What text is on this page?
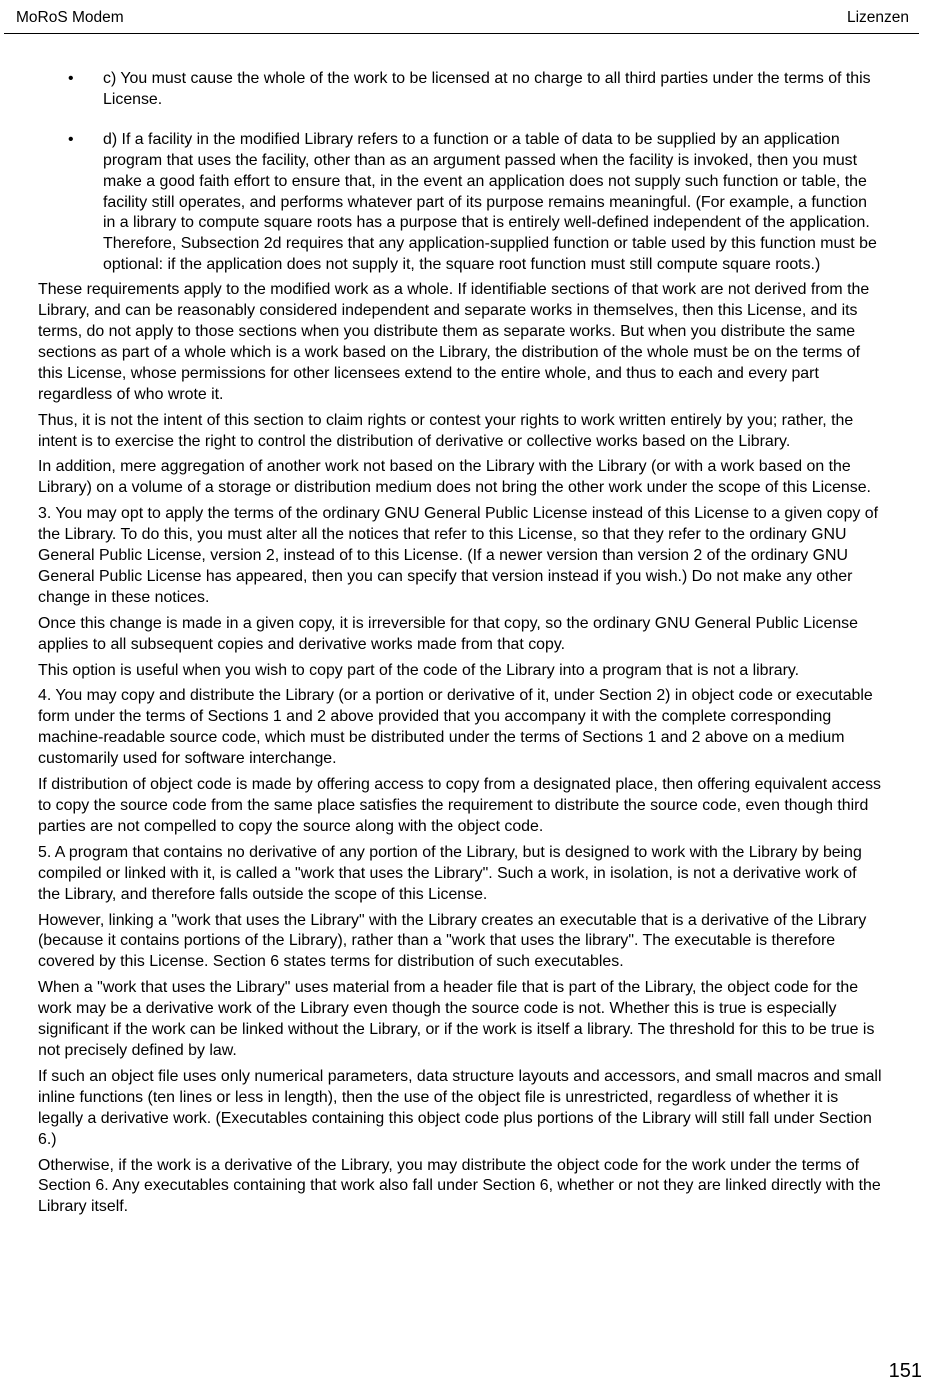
MoRoS Modem	Lizenzen
• c) You must cause the whole of the work to be licensed at no charge to all third parties under the terms of this License.
• d) If a facility in the modified Library refers to a function or a table of data to be supplied by an application program that uses the facility, other than as an argument passed when the facility is invoked, then you must make a good faith effort to ensure that, in the event an application does not supply such function or table, the facility still operates, and performs whatever part of its purpose remains meaningful. (For example, a function in a library to compute square roots has a purpose that is entirely well-defined independent of the application. Therefore, Subsection 2d requires that any application-supplied function or table used by this function must be optional: if the application does not supply it, the square root function must still compute square roots.)

These requirements apply to the modified work as a whole. If identifiable sections of that work are not derived from the Library, and can be reasonably considered independent and separate works in themselves, then this License, and its terms, do not apply to those sections when you distribute them as separate works. But when you distribute the same sections as part of a whole which is a work based on the Library, the distribution of the whole must be on the terms of this License, whose permissions for other licensees extend to the entire whole, and thus to each and every part regardless of who wrote it.

Thus, it is not the intent of this section to claim rights or contest your rights to work written entirely by you; rather, the intent is to exercise the right to control the distribution of derivative or collective works based on the Library.

In addition, mere aggregation of another work not based on the Library with the Library (or with a work based on the Library) on a volume of a storage or distribution medium does not bring the other work under the scope of this License.

3. You may opt to apply the terms of the ordinary GNU General Public License instead of this License to a given copy of the Library. To do this, you must alter all the notices that refer to this License, so that they refer to the ordinary GNU General Public License, version 2, instead of to this License. (If a newer version than version 2 of the ordinary GNU General Public License has appeared, then you can specify that version instead if you wish.) Do not make any other change in these notices.

Once this change is made in a given copy, it is irreversible for that copy, so the ordinary GNU General Public License applies to all subsequent copies and derivative works made from that copy.

This option is useful when you wish to copy part of the code of the Library into a program that is not a library.

4. You may copy and distribute the Library (or a portion or derivative of it, under Section 2) in object code or executable form under the terms of Sections 1 and 2 above provided that you accompany it with the complete corresponding machine-readable source code, which must be distributed under the terms of Sections 1 and 2 above on a medium customarily used for software interchange.

If distribution of object code is made by offering access to copy from a designated place, then offering equivalent access to copy the source code from the same place satisfies the requirement to distribute the source code, even though third parties are not compelled to copy the source along with the object code.

5. A program that contains no derivative of any portion of the Library, but is designed to work with the Library by being compiled or linked with it, is called a "work that uses the Library". Such a work, in isolation, is not a derivative work of the Library, and therefore falls outside the scope of this License.

However, linking a "work that uses the Library" with the Library creates an executable that is a derivative of the Library (because it contains portions of the Library), rather than a "work that uses the library". The executable is therefore covered by this License. Section 6 states terms for distribution of such executables.

When a "work that uses the Library" uses material from a header file that is part of the Library, the object code for the work may be a derivative work of the Library even though the source code is not. Whether this is true is especially significant if the work can be linked without the Library, or if the work is itself a library. The threshold for this to be true is not precisely defined by law.

If such an object file uses only numerical parameters, data structure layouts and accessors, and small macros and small inline functions (ten lines or less in length), then the use of the object file is unrestricted, regardless of whether it is legally a derivative work. (Executables containing this object code plus portions of the Library will still fall under Section 6.)

Otherwise, if the work is a derivative of the Library, you may distribute the object code for the work under the terms of Section 6. Any executables containing that work also fall under Section 6, whether or not they are linked directly with the Library itself.

151
